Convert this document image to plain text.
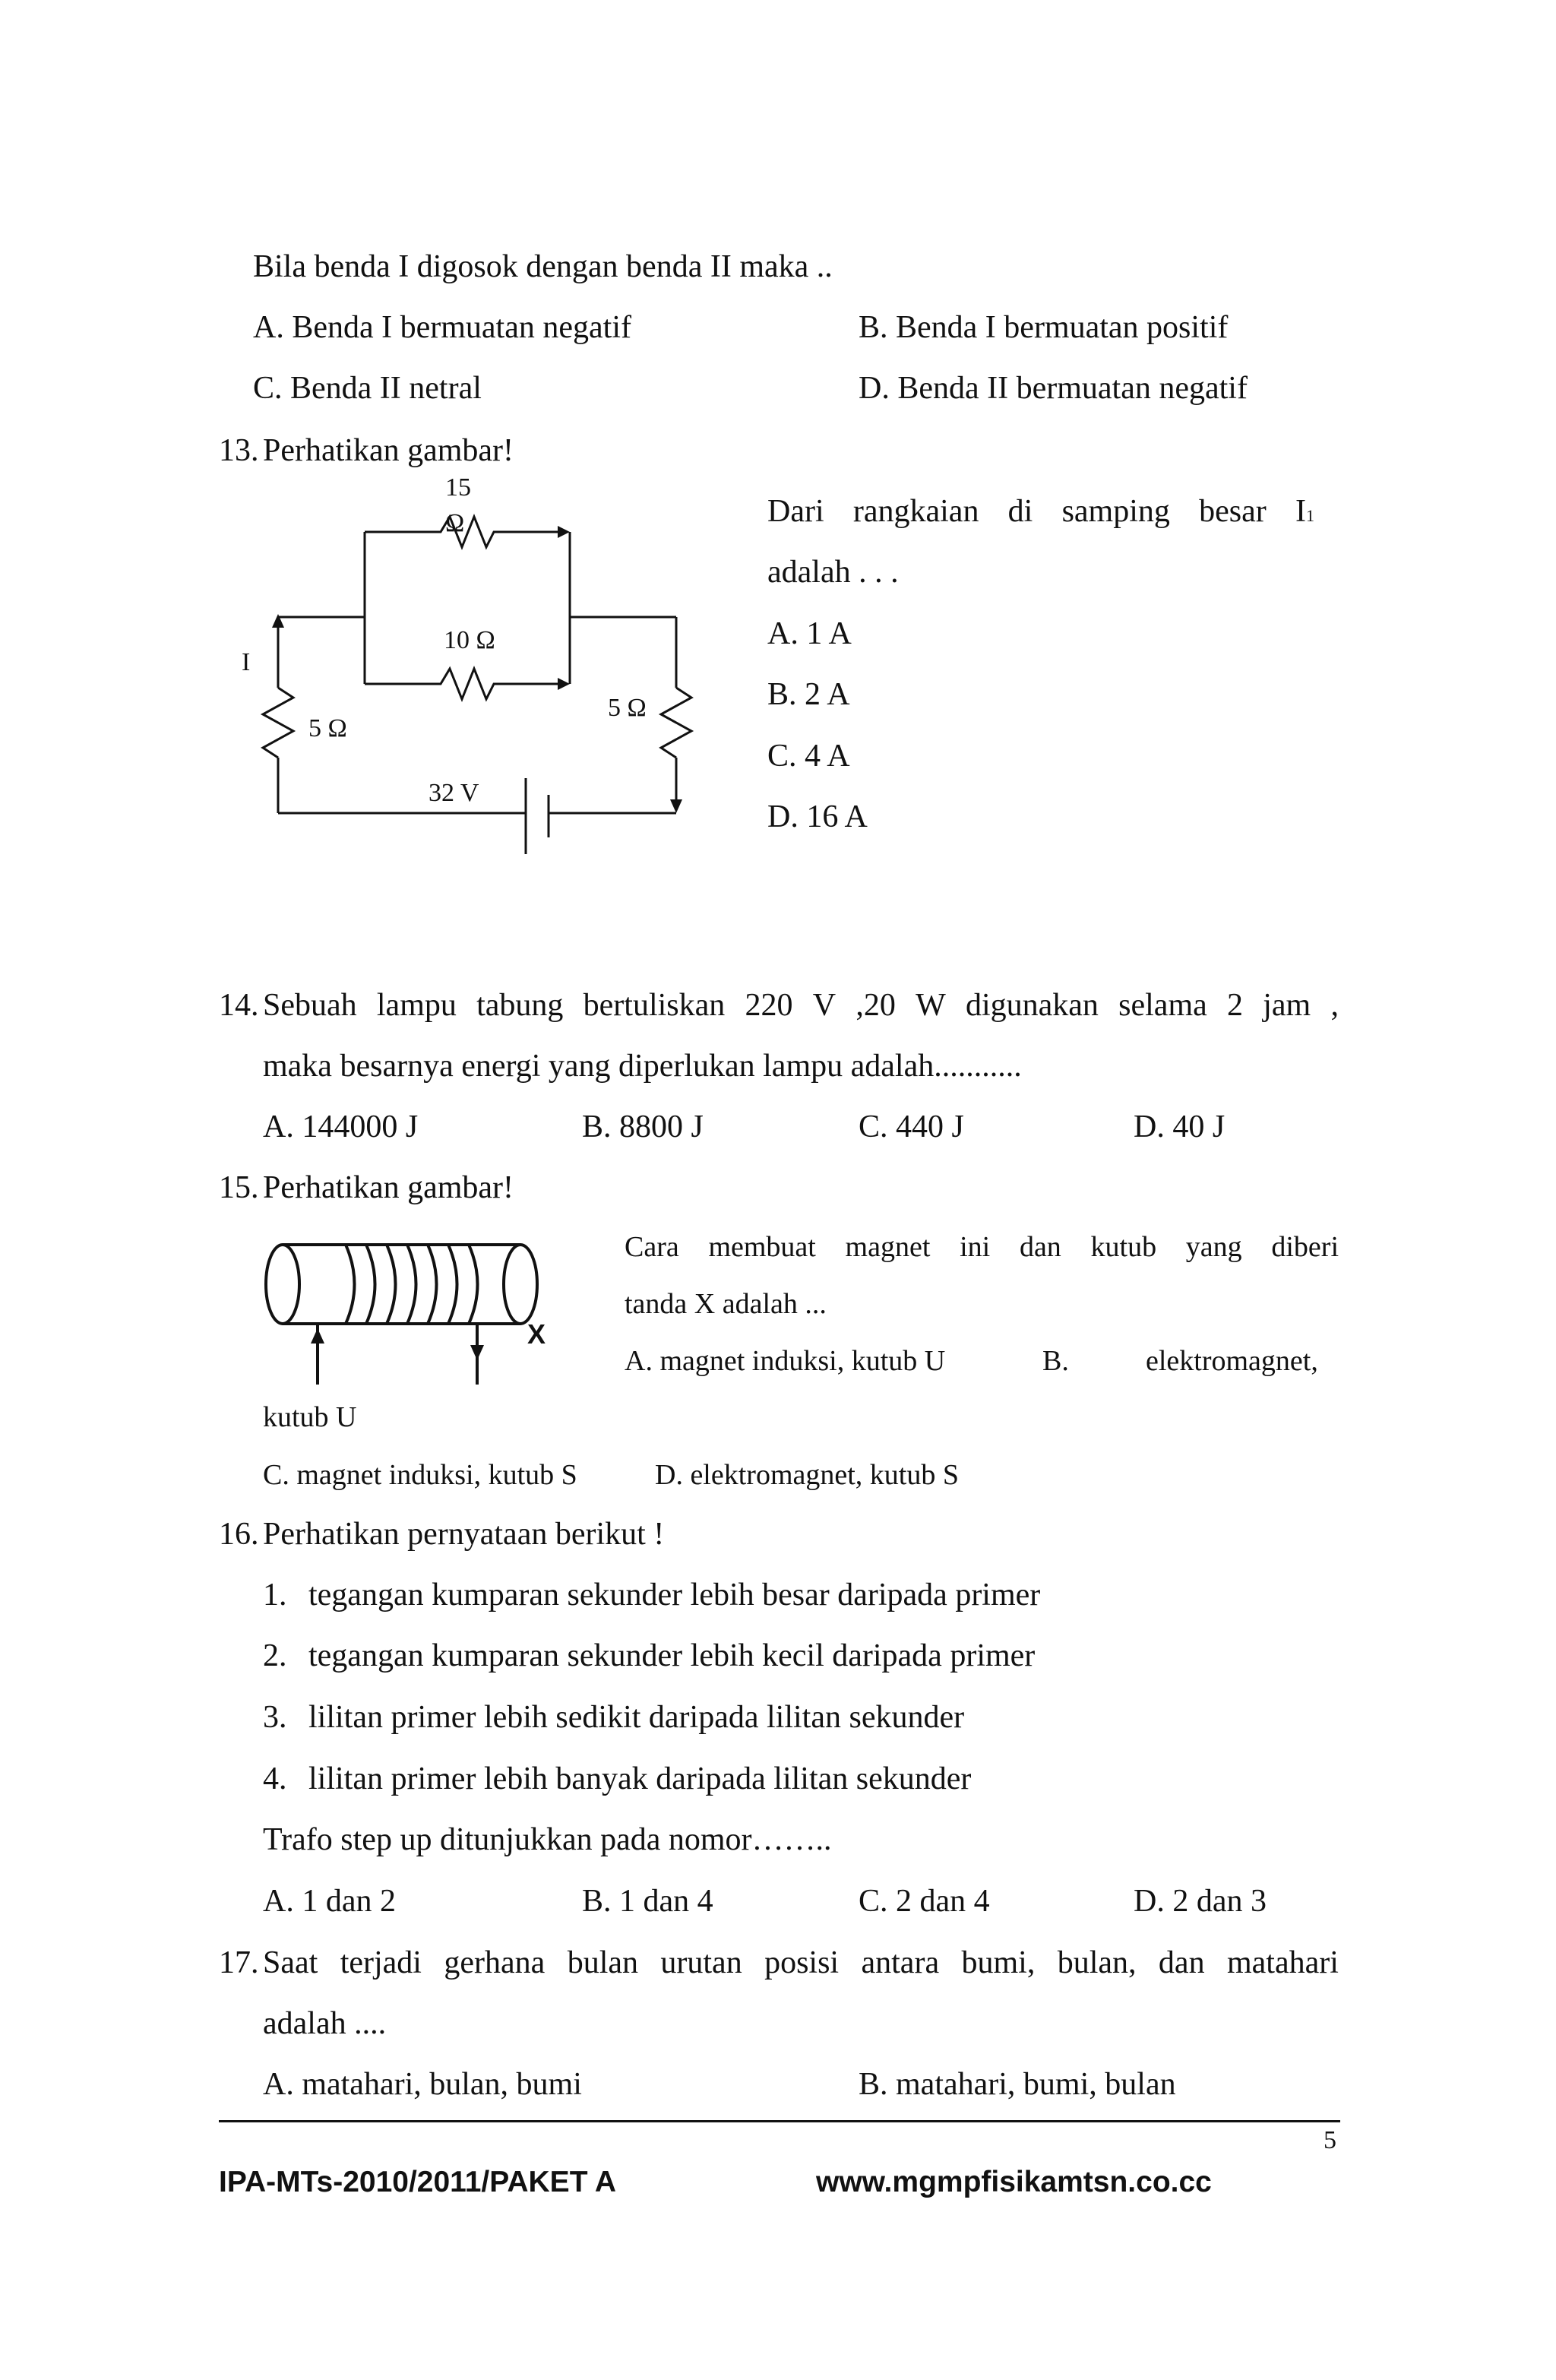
Bila benda I digosok dengan benda II maka ..
A. Benda I bermuatan negatif	B. Benda I bermuatan positif
C. Benda II netral	D. Benda II bermuatan negatif
13. Perhatikan gambar!
15
Ω
10 Ω
I
5 Ω
5 Ω
32 V
Dari rangkaian di samping besar I1
adalah . . .
A. 1 A
B. 2 A
C. 4 A
D. 16 A
14. Sebuah lampu tabung bertuliskan 220 V ,20 W digunakan selama 2 jam ,
maka besarnya energi yang diperlukan lampu adalah...........
A. 144000 J	B. 8800 J	C. 440 J	D. 40 J
15. Perhatikan gambar!
X
Cara membuat magnet ini dan kutub yang diberi
tanda X adalah ...
A. magnet induksi, kutub U	B.	elektromagnet,
kutub U
C. magnet induksi, kutub S	D. elektromagnet, kutub S
16. Perhatikan pernyataan berikut !
1. tegangan kumparan sekunder lebih besar daripada primer
2. tegangan kumparan sekunder lebih kecil daripada primer
3. lilitan primer lebih sedikit daripada lilitan sekunder
4. lilitan primer lebih banyak daripada lilitan sekunder
Trafo step up ditunjukkan pada nomor……..
A. 1 dan 2	B. 1 dan 4	C. 2 dan 4	D. 2 dan 3
17. Saat terjadi gerhana bulan urutan posisi antara bumi, bulan, dan matahari
adalah ....
A. matahari, bulan, bumi	B. matahari, bumi, bulan
5
IPA-MTs-2010/2011/PAKET A	www.mgmpfisikamtsn.co.cc
